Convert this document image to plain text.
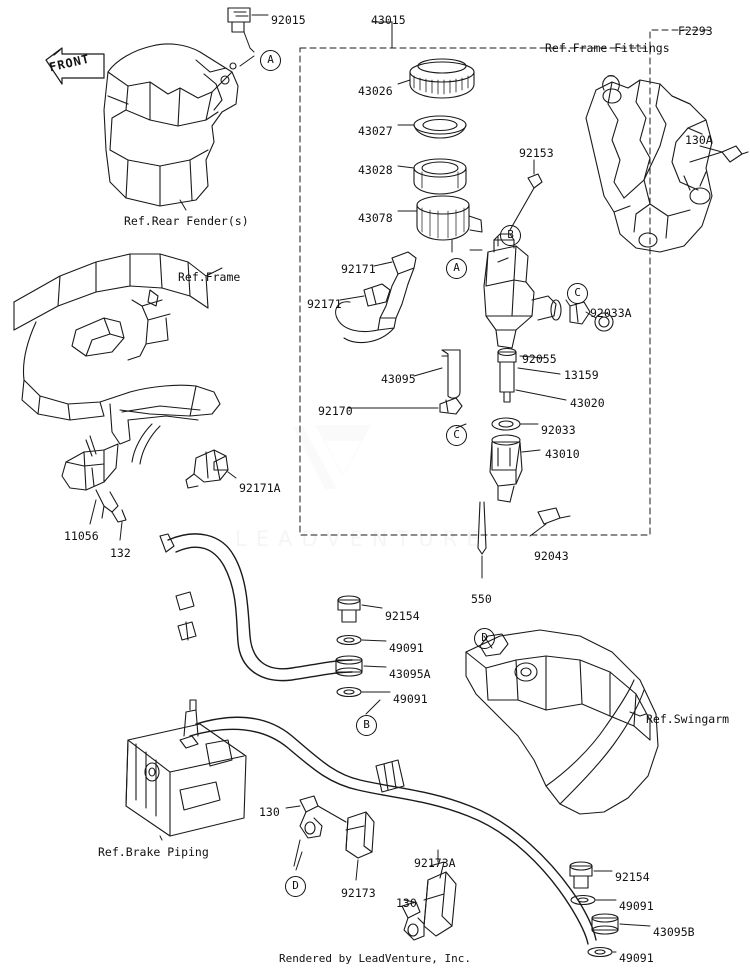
LEADVENTURE
FRONT
F2293
Ref.Rear Fender(s)
Ref.Frame
Ref.Frame Fittings
Ref.Swingarm
Ref.Brake Piping
92015	43015
43026
43027
43028
43078
92153
130A
92171
92171
92033A
92055
13159
43095
92170
43020
92033
43010
92171A
11056
132	92043
550
92154
49091
43095A
49091
130
92173A
92173
130
92154
49091
43095B
49091
A
A
B
C
C
B
D
D
Rendered by LeadVenture, Inc.
